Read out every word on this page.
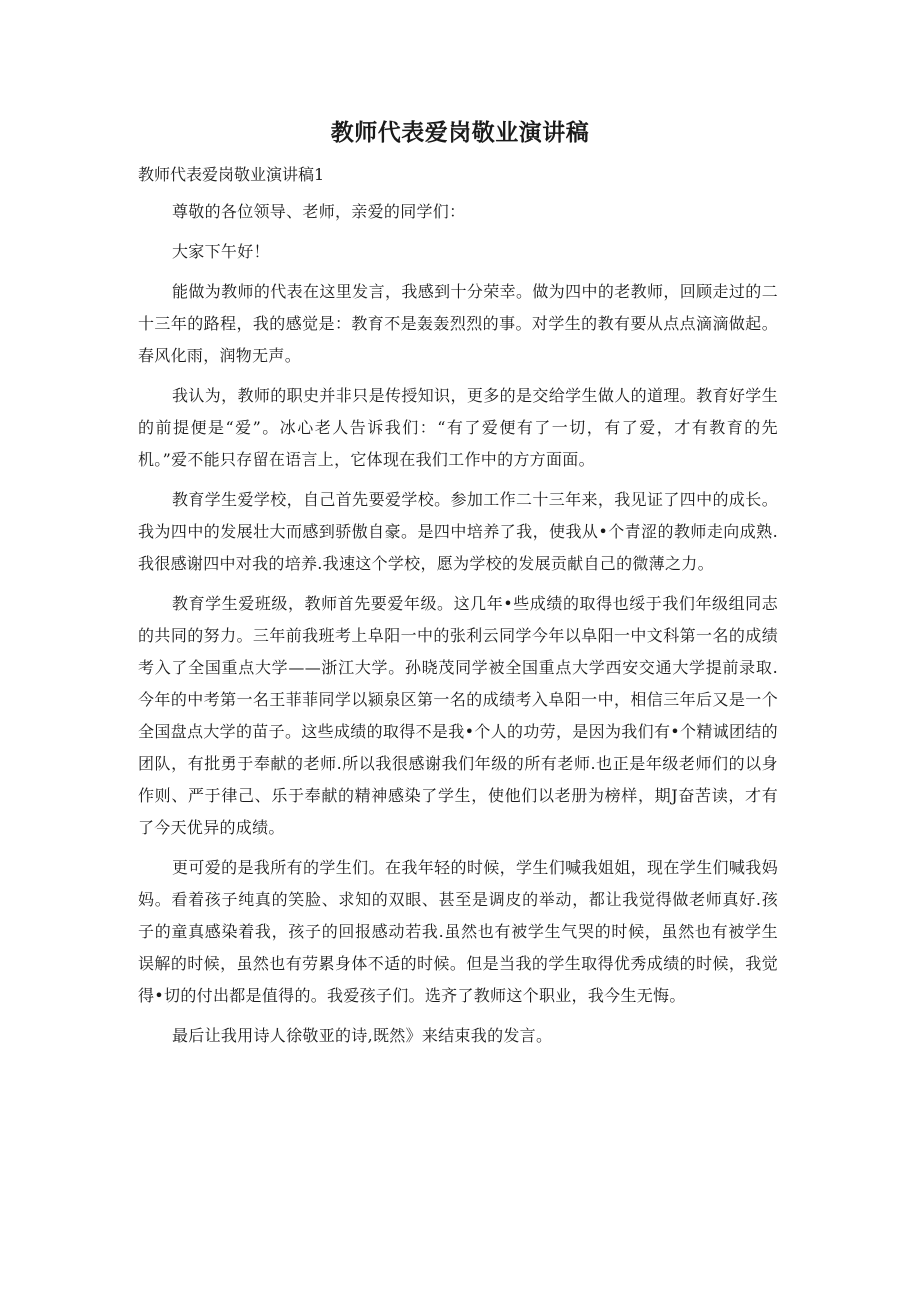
教师代表爱岗敬业演讲稿

教师代表爱岗敬业演讲稿1

尊敬的各位领导、老师，亲爱的同学们：

大家下午好！

能做为教师的代表在这里发言，我感到十分荣幸。做为四中的老教师，回顾走过的二十三年的路程，我的感觉是：教育不是轰轰烈烈的事。对学生的教有要从点点滴滴做起。春风化雨，润物无声。

我认为，教师的职史并非只是传授知识，更多的是交给学生做人的道理。教育好学生的前提便是“爱”。冰心老人告诉我们：“有了爱便有了一切，有了爱，才有教育的先机。”爱不能只存留在语言上，它体现在我们工作中的方方面面。

教育学生爱学校，自己首先要爱学校。参加工作二十三年来，我见证了四中的成长。我为四中的发展壮大而感到骄傲自豪。是四中培养了我，使我从•个青涩的教师走向成熟.我很感谢四中对我的培养.我速这个学校，愿为学校的发展贡献自己的微薄之力。

教育学生爱班级，教师首先要爱年级。这几年•些成绩的取得也绥于我们年级组同志的共同的努力。三年前我班考上阜阳一中的张利云同学今年以阜阳一中文科第一名的成绩考入了全国重点大学——浙江大学。孙晓茂同学被全国重点大学西安交通大学提前录取.今年的中考第一名王菲菲同学以颍泉区第一名的成绩考入阜阳一中，相信三年后又是一个全国盘点大学的苗子。这些成绩的取得不是我•个人的功劳，是因为我们有•个精诚团结的团队，有批勇于奉献的老师.所以我很感谢我们年级的所有老师.也正是年级老师们的以身作则、严于律己、乐于奉献的精神感染了学生，使他们以老册为榜样，期J奋苦读，才有了今天优异的成绩。

更可爱的是我所有的学生们。在我年轻的时候，学生们喊我姐姐，现在学生们喊我妈妈。看着孩子纯真的笑脸、求知的双眼、甚至是调皮的举动，都让我觉得做老师真好.孩子的童真感染着我，孩子的回报感动若我.虽然也有被学生气哭的时候，虽然也有被学生误解的时候，虽然也有劳累身体不适的时候。但是当我的学生取得优秀成绩的时候，我觉得•切的付出都是值得的。我爱孩子们。选齐了教师这个职业，我今生无悔。

最后让我用诗人徐敬亚的诗,既然》来结束我的发言。
